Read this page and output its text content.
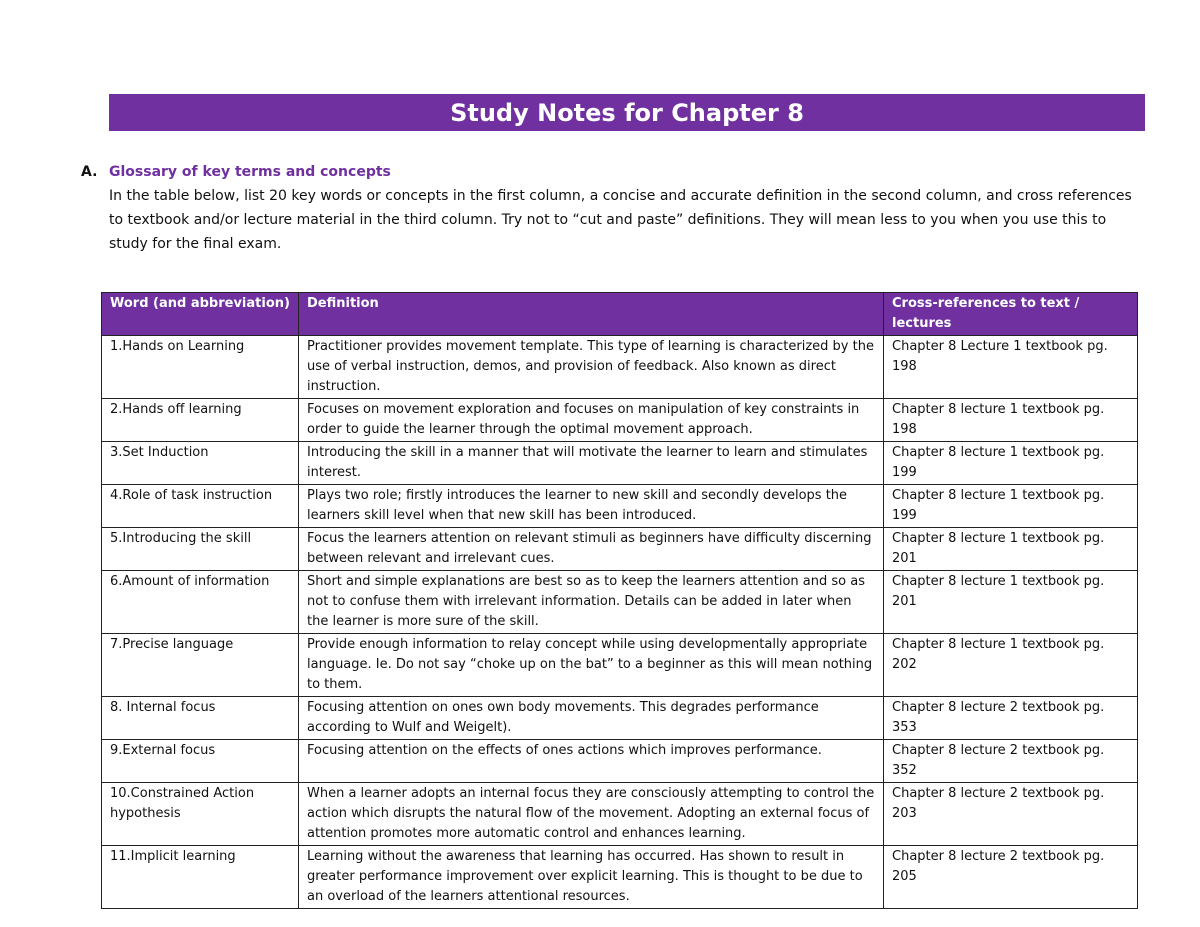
Study Notes for Chapter 8
A. Glossary of key terms and concepts
In the table below, list 20 key words or concepts in the first column, a concise and accurate definition in the second column, and cross references to textbook and/or lecture material in the third column. Try not to “cut and paste” definitions. They will mean less to you when you use this to study for the final exam.
Word (and abbreviation)	Definition	Cross-references to text / lectures
1.Hands on Learning	Practitioner provides movement template. This type of learning is characterized by the use of verbal instruction, demos, and provision of feedback. Also known as direct instruction.	Chapter 8 Lecture 1 textbook pg. 198
2.Hands off learning	Focuses on movement exploration and focuses on manipulation of key constraints in order to guide the learner through the optimal movement approach.	Chapter 8 lecture 1 textbook pg. 198
3.Set Induction	Introducing the skill in a manner that will motivate the learner to learn and stimulates interest.	Chapter 8 lecture 1 textbook pg. 199
4.Role of task instruction	Plays two role; firstly introduces the learner to new skill and secondly develops the learners skill level when that new skill has been introduced.	Chapter 8 lecture 1 textbook pg. 199
5.Introducing the skill	Focus the learners attention on relevant stimuli as beginners have difficulty discerning between relevant and irrelevant cues.	Chapter 8 lecture 1 textbook pg. 201
6.Amount of information	Short and simple explanations are best so as to keep the learners attention and so as not to confuse them with irrelevant information. Details can be added in later when the learner is more sure of the skill.	Chapter 8 lecture 1 textbook pg. 201
7.Precise language	Provide enough information to relay concept while using developmentally appropriate language. Ie. Do not say “choke up on the bat” to a beginner as this will mean nothing to them.	Chapter 8 lecture 1 textbook pg. 202
8. Internal focus	Focusing attention on ones own body movements. This degrades performance according to Wulf and Weigelt).	Chapter 8 lecture 2 textbook pg. 353
9.External focus	Focusing attention on the effects of ones actions which improves performance.	Chapter 8 lecture 2 textbook pg. 352
10.Constrained Action hypothesis	When a learner adopts an internal focus they are consciously attempting to control the action which disrupts the natural flow of the movement. Adopting an external focus of attention promotes more automatic control and enhances learning.	Chapter 8 lecture 2 textbook pg. 203
11.Implicit learning	Learning without the awareness that learning has occurred. Has shown to result in greater performance improvement over explicit learning. This is thought to be due to an overload of the learners attentional resources.	Chapter 8 lecture 2 textbook pg. 205
